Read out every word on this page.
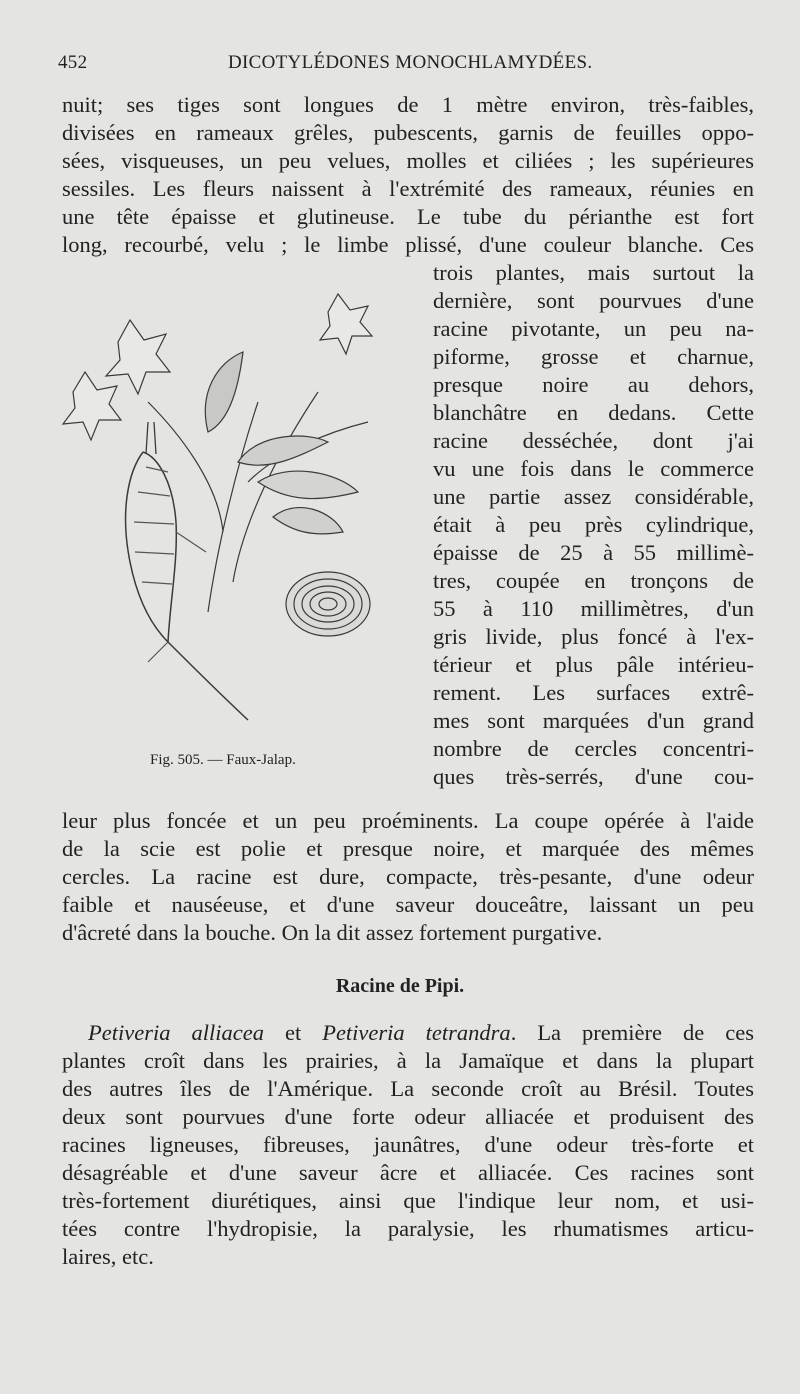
452	DICOTYLÉDONES MONOCHLAMYDÉES.
nuit; ses tiges sont longues de 1 mètre environ, très-faibles,
divisées en rameaux grêles, pubescents, garnis de feuilles oppo-
sées, visqueuses, un peu velues, molles et ciliées ; les supérieures
sessiles. Les fleurs naissent à l'extrémité des rameaux, réunies en
une tête épaisse et glutineuse. Le tube du périanthe est fort
long, recourbé, velu ; le limbe plissé, d'une couleur blanche. Ces
trois plantes, mais surtout la
dernière, sont pourvues d'une
racine pivotante, un peu na-
piforme, grosse et charnue,
presque noire au dehors,
blanchâtre en dedans. Cette
racine desséchée, dont j'ai
vu une fois dans le commerce
une partie assez considérable,
était à peu près cylindrique,
épaisse de 25 à 55 millimè-
tres, coupée en tronçons de
55 à 110 millimètres, d'un
gris livide, plus foncé à l'ex-
térieur et plus pâle intérieu-
rement. Les surfaces extrê-
mes sont marquées d'un grand
nombre de cercles concentri-
ques très-serrés, d'une cou-
Fig. 505. — Faux-Jalap.
leur plus foncée et un peu proéminents. La coupe opérée à l'aide
de la scie est polie et presque noire, et marquée des mêmes
cercles. La racine est dure, compacte, très-pesante, d'une odeur
faible et nauséeuse, et d'une saveur douceâtre, laissant un peu
d'âcreté dans la bouche. On la dit assez fortement purgative.
Racine de Pipi.
Petiveria alliacea et Petiveria tetrandra. La première de ces
plantes croît dans les prairies, à la Jamaïque et dans la plupart
des autres îles de l'Amérique. La seconde croît au Brésil. Toutes
deux sont pourvues d'une forte odeur alliacée et produisent des
racines ligneuses, fibreuses, jaunâtres, d'une odeur très-forte et
désagréable et d'une saveur âcre et alliacée. Ces racines sont
très-fortement diurétiques, ainsi que l'indique leur nom, et usi-
tées contre l'hydropisie, la paralysie, les rhumatismes articu-
laires, etc.
